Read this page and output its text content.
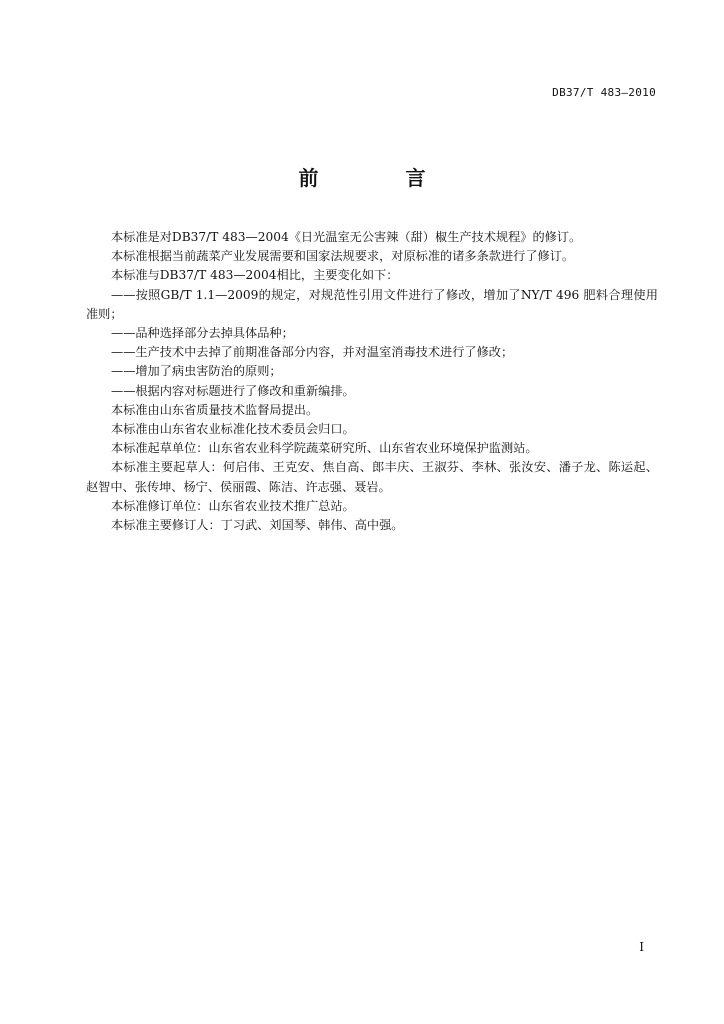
DB37/T 483—2010
前 言

本标准是对DB37/T 483—2004《日光温室无公害辣（甜）椒生产技术规程》的修订。

本标准根据当前蔬菜产业发展需要和国家法规要求，对原标准的诸多条款进行了修订。

本标准与DB37/T 483—2004相比，主要变化如下：

——按照GB/T 1.1—2009的规定，对规范性引用文件进行了修改，增加了NY/T 496 肥料合理使用准则；

——品种选择部分去掉具体品种；

——生产技术中去掉了前期准备部分内容，并对温室消毒技术进行了修改；

——增加了病虫害防治的原则；

——根据内容对标题进行了修改和重新编排。

本标准由山东省质量技术监督局提出。

本标准由山东省农业标准化技术委员会归口。

本标准起草单位：山东省农业科学院蔬菜研究所、山东省农业环境保护监测站。

本标准主要起草人：何启伟、王克安、焦自高、郎丰庆、王淑芬、李林、张汝安、潘子龙、陈运起、赵智中、张传坤、杨宁、侯丽霞、陈洁、许志强、聂岩。

本标准修订单位：山东省农业技术推广总站。

本标准主要修订人：丁习武、刘国琴、韩伟、高中强。

I
